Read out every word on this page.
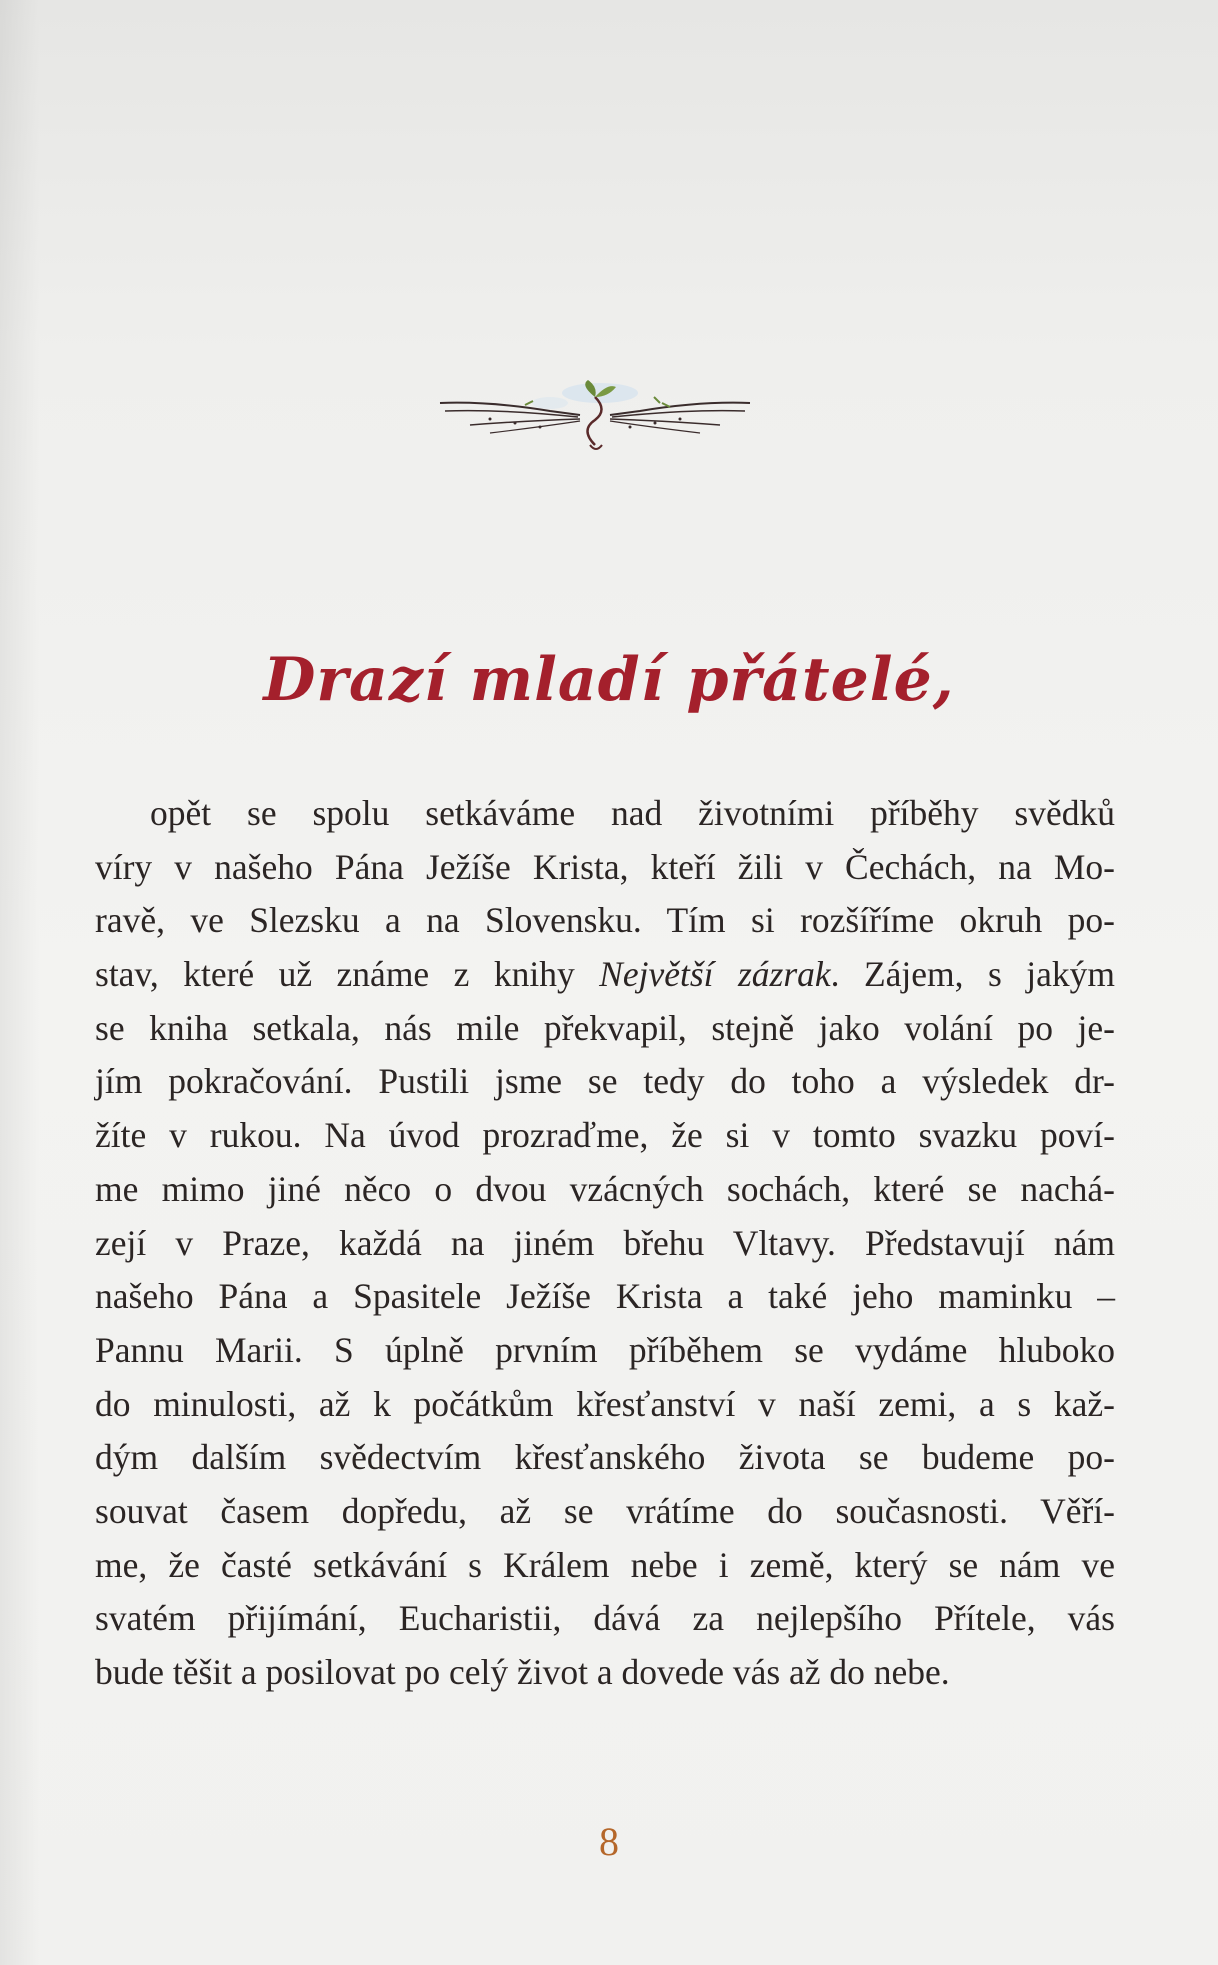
Drazí mladí přátelé,
opět se spolu setkáváme nad životními příběhy svědků
víry v našeho Pána Ježíše Krista, kteří žili v Čechách, na Mo-
ravě, ve Slezsku a na Slovensku. Tím si rozšíříme okruh po-
stav, které už známe z knihy Největší zázrak. Zájem, s jakým
se kniha setkala, nás mile překvapil, stejně jako volání po je-
jím pokračování. Pustili jsme se tedy do toho a výsledek dr-
žíte v rukou. Na úvod prozraďme, že si v tomto svazku poví-
me mimo jiné něco o dvou vzácných sochách, které se nachá-
zejí v Praze, každá na jiném břehu Vltavy. Představují nám
našeho Pána a Spasitele Ježíše Krista a také jeho maminku –
Pannu Marii. S úplně prvním příběhem se vydáme hluboko
do minulosti, až k počátkům křesťanství v naší zemi, a s kaž-
dým dalším svědectvím křesťanského života se budeme po-
souvat časem dopředu, až se vrátíme do současnosti. Věří-
me, že časté setkávání s Králem nebe i země, který se nám ve
svatém přijímání, Eucharistii, dává za nejlepšího Přítele, vás
bude těšit a posilovat po celý život a dovede vás až do nebe.

8
